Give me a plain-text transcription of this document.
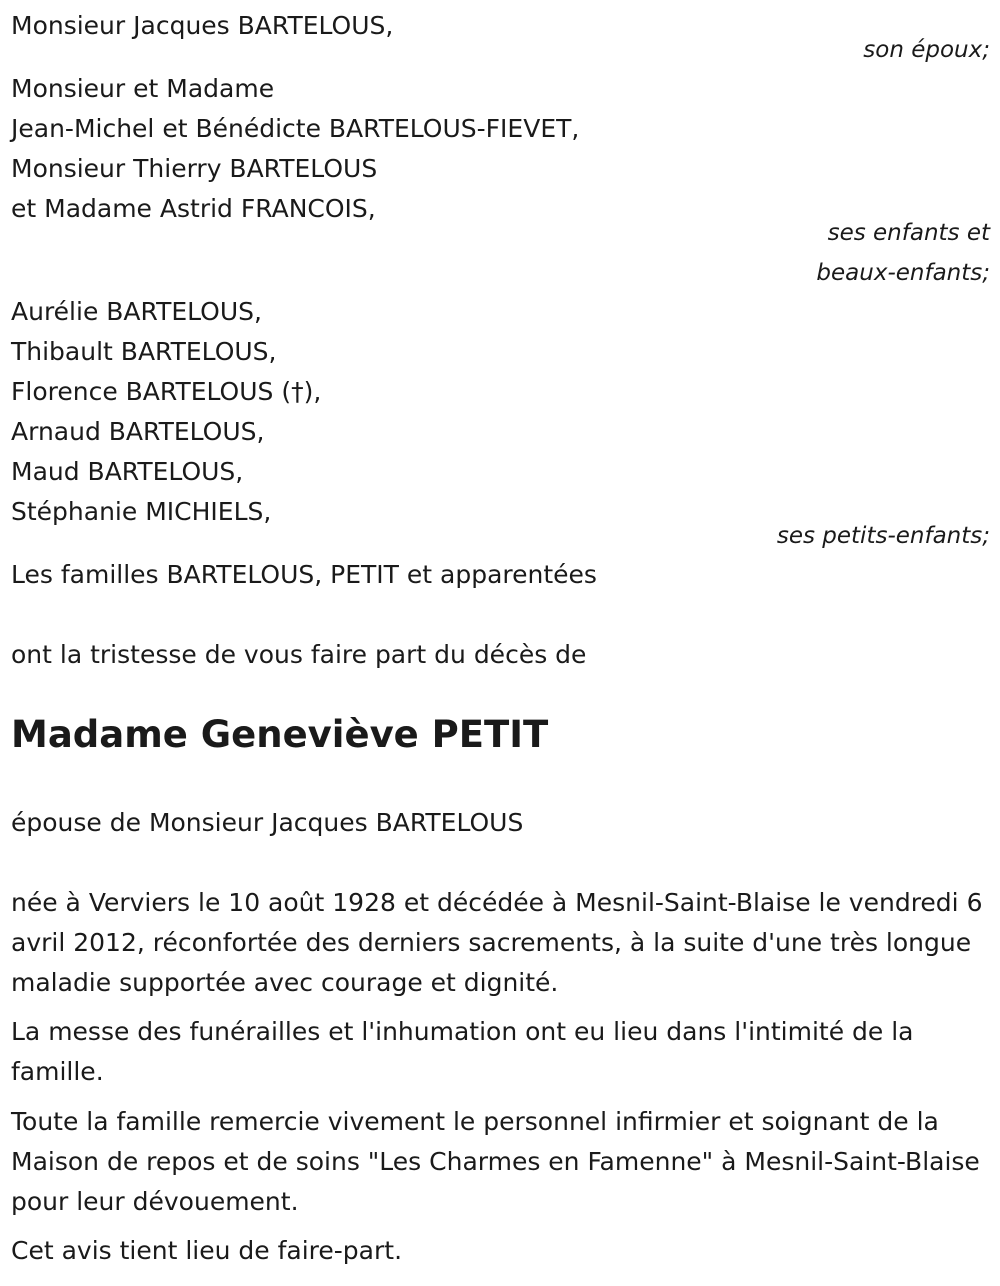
Monsieur Jacques BARTELOUS,
son époux;
Monsieur et Madame
Jean-Michel et Bénédicte BARTELOUS-FIEVET,
Monsieur Thierry BARTELOUS
et Madame Astrid FRANCOIS,
ses enfants et
beaux-enfants;
Aurélie BARTELOUS,
Thibault BARTELOUS,
Florence BARTELOUS (†),
Arnaud BARTELOUS,
Maud BARTELOUS,
Stéphanie MICHIELS,
ses petits-enfants;
Les familles BARTELOUS, PETIT et apparentées
ont la tristesse de vous faire part du décès de
Madame Geneviève PETIT
épouse de Monsieur Jacques BARTELOUS
née à Verviers le 10 août 1928 et décédée à Mesnil-Saint-Blaise le vendredi 6 avril 2012, réconfortée des derniers sacrements, à la suite d'une très longue maladie supportée avec courage et dignité.
La messe des funérailles et l'inhumation ont eu lieu dans l'intimité de la famille.
Toute la famille remercie vivement le personnel infirmier et soignant de la Maison de repos et de soins "Les Charmes en Famenne" à Mesnil-Saint-Blaise pour leur dévouement.
Cet avis tient lieu de faire-part.
